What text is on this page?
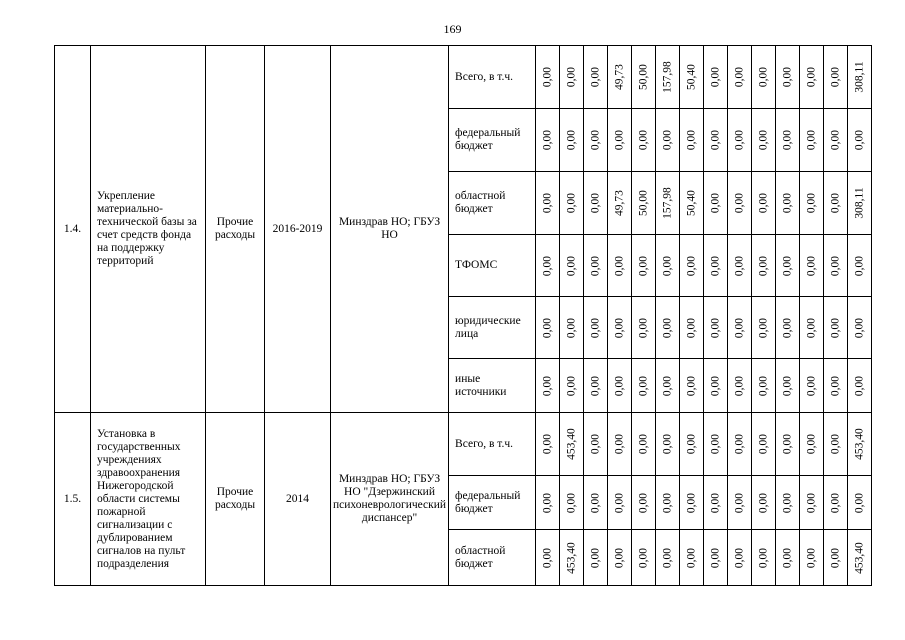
169
1.4.	Укрепление материально-технической базы за счет средств фонда на поддержку территорий	Прочие расходы	2016-2019	Минздрав НО; ГБУЗ НО	Всего, в т.ч.	0,00	0,00	0,00	49,73	50,00	157,98	50,40	0,00	0,00	0,00	0,00	0,00	0,00	308,11

					федеральный бюджет	0,00	0,00	0,00	0,00	0,00	0,00	0,00	0,00	0,00	0,00	0,00	0,00	0,00	0,00

					областной бюджет	0,00	0,00	0,00	49,73	50,00	157,98	50,40	0,00	0,00	0,00	0,00	0,00	0,00	308,11

					ТФОМС	0,00	0,00	0,00	0,00	0,00	0,00	0,00	0,00	0,00	0,00	0,00	0,00	0,00	0,00

					юридические лица	0,00	0,00	0,00	0,00	0,00	0,00	0,00	0,00	0,00	0,00	0,00	0,00	0,00	0,00

					иные источники	0,00	0,00	0,00	0,00	0,00	0,00	0,00	0,00	0,00	0,00	0,00	0,00	0,00	0,00

1.5.	Установка в государственных учреждениях здравоохранения Нижегородской области системы пожарной сигнализации с дублированием сигналов на пульт подразделения	Прочие расходы	2014	Минздрав НО; ГБУЗ НО "Дзержинский психоневрологический диспансер"	Всего, в т.ч.	0,00	453,40	0,00	0,00	0,00	0,00	0,00	0,00	0,00	0,00	0,00	0,00	0,00	453,40

					федеральный бюджет	0,00	0,00	0,00	0,00	0,00	0,00	0,00	0,00	0,00	0,00	0,00	0,00	0,00	0,00

					областной бюджет	0,00	453,40	0,00	0,00	0,00	0,00	0,00	0,00	0,00	0,00	0,00	0,00	0,00	453,40
